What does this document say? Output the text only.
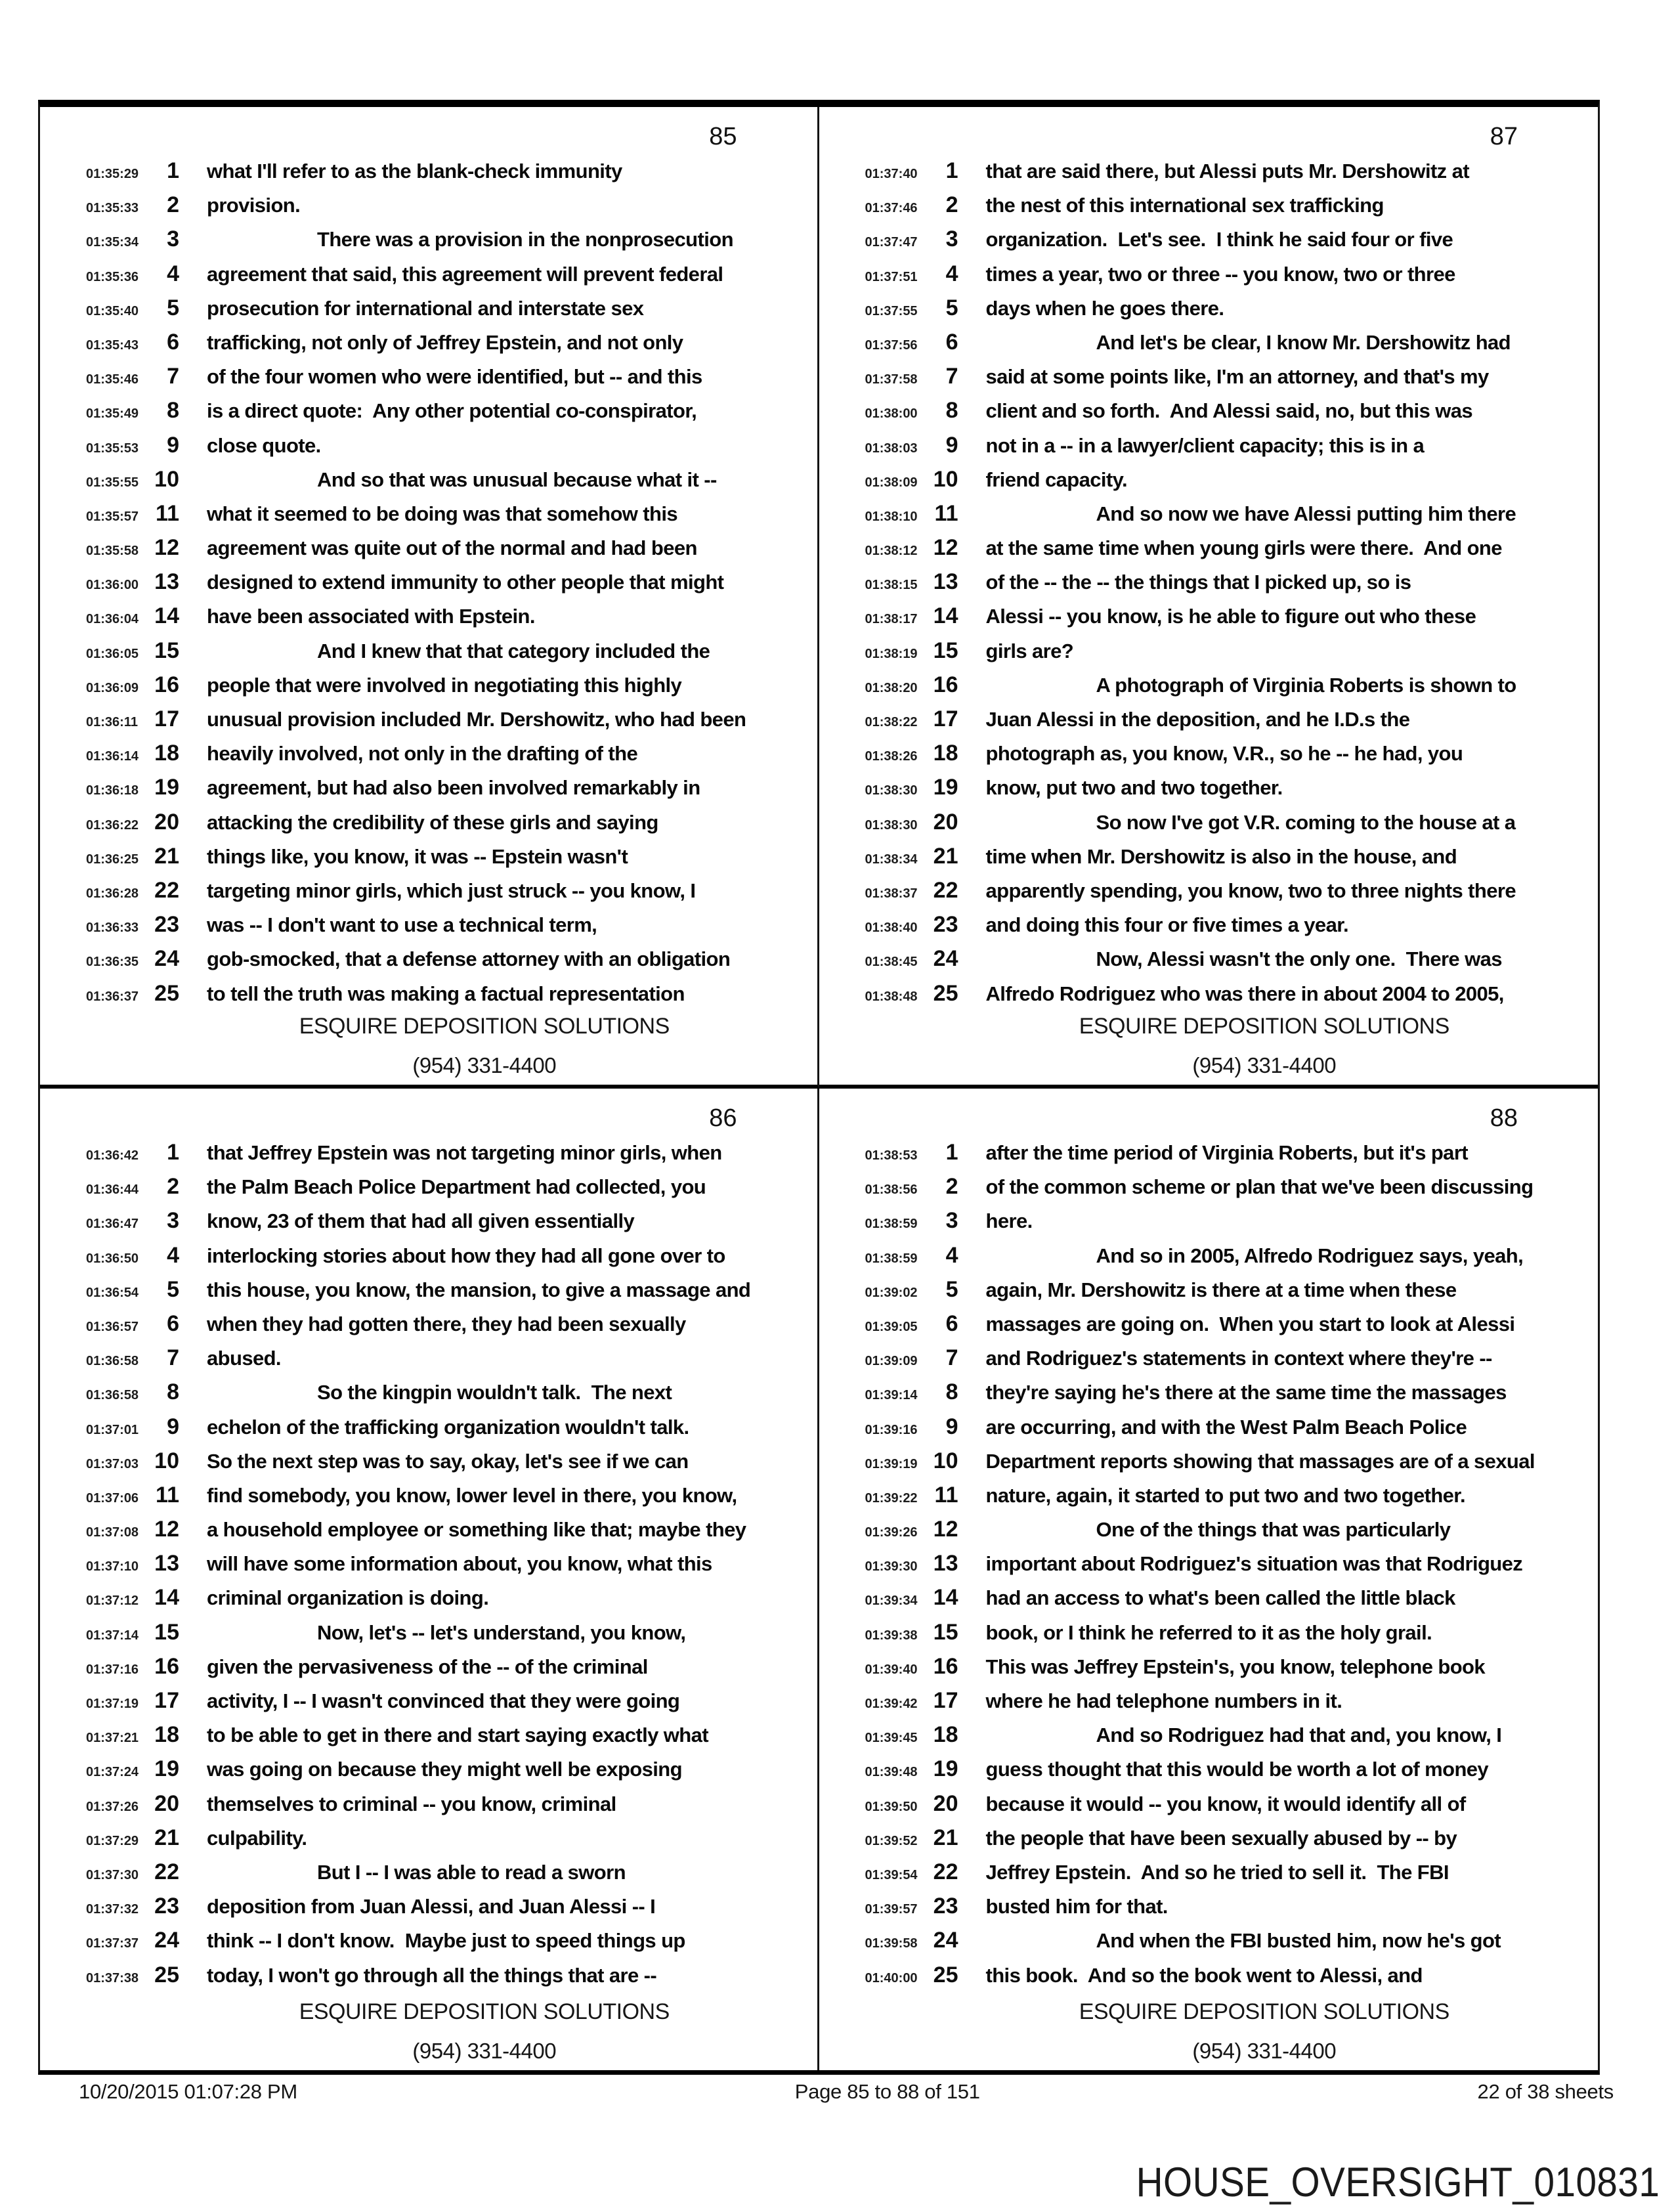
85
01:35:29	1 what I'll refer to as the blank-check immunity
01:35:33	2 provision.
01:35:34	3	There was a provision in the nonprosecution
01:35:36	4 agreement that said, this agreement will prevent federal
01:35:40	5 prosecution for international and interstate sex
01:35:43	6 trafficking, not only of Jeffrey Epstein, and not only
01:35:46	7 of the four women who were identified, but -- and this
01:35:49	8 is a direct quote:  Any other potential co-conspirator,
01:35:53	9 close quote.
01:35:55 10	And so that was unusual because what it --
01:35:57 11 what it seemed to be doing was that somehow this
01:35:58 12 agreement was quite out of the normal and had been
01:36:00 13 designed to extend immunity to other people that might
01:36:04 14 have been associated with Epstein.
01:36:05 15	And I knew that that category included the
01:36:09 16 people that were involved in negotiating this highly
01:36:11 17 unusual provision included Mr. Dershowitz, who had been
01:36:14 18 heavily involved, not only in the drafting of the
01:36:18 19 agreement, but had also been involved remarkably in
01:36:22 20 attacking the credibility of these girls and saying
01:36:25 21 things like, you know, it was -- Epstein wasn't
01:36:28 22 targeting minor girls, which just struck -- you know, I
01:36:33 23 was -- I don't want to use a technical term,
01:36:35 24 gob-smocked, that a defense attorney with an obligation
01:36:37 25 to tell the truth was making a factual representation
ESQUIRE DEPOSITION SOLUTIONS
(954) 331-4400
87
01:37:40	1 that are said there, but Alessi puts Mr. Dershowitz at
01:37:46	2 the nest of this international sex trafficking
01:37:47	3 organization.  Let's see.  I think he said four or five
01:37:51	4 times a year, two or three -- you know, two or three
01:37:55	5 days when he goes there.
01:37:56	6	And let's be clear, I know Mr. Dershowitz had
01:37:58	7 said at some points like, I'm an attorney, and that's my
01:38:00	8 client and so forth.  And Alessi said, no, but this was
01:38:03	9 not in a -- in a lawyer/client capacity; this is in a
01:38:09 10 friend capacity.
01:38:10 11	And so now we have Alessi putting him there
01:38:12 12 at the same time when young girls were there.  And one
01:38:15 13 of the -- the -- the things that I picked up, so is
01:38:17 14 Alessi -- you know, is he able to figure out who these
01:38:19 15 girls are?
01:38:20 16	A photograph of Virginia Roberts is shown to
01:38:22 17 Juan Alessi in the deposition, and he I.D.s the
01:38:26 18 photograph as, you know, V.R., so he -- he had, you
01:38:30 19 know, put two and two together.
01:38:30 20	So now I've got V.R. coming to the house at a
01:38:34 21 time when Mr. Dershowitz is also in the house, and
01:38:37 22 apparently spending, you know, two to three nights there
01:38:40 23 and doing this four or five times a year.
01:38:45 24	Now, Alessi wasn't the only one.  There was
01:38:48 25 Alfredo Rodriguez who was there in about 2004 to 2005,
ESQUIRE DEPOSITION SOLUTIONS
(954) 331-4400
86
01:36:42	1 that Jeffrey Epstein was not targeting minor girls, when
01:36:44	2 the Palm Beach Police Department had collected, you
01:36:47	3 know, 23 of them that had all given essentially
01:36:50	4 interlocking stories about how they had all gone over to
01:36:54	5 this house, you know, the mansion, to give a massage and
01:36:57	6 when they had gotten there, they had been sexually
01:36:58	7 abused.
01:36:58	8	So the kingpin wouldn't talk.  The next
01:37:01	9 echelon of the trafficking organization wouldn't talk.
01:37:03 10 So the next step was to say, okay, let's see if we can
01:37:06 11 find somebody, you know, lower level in there, you know,
01:37:08 12 a household employee or something like that; maybe they
01:37:10 13 will have some information about, you know, what this
01:37:12 14 criminal organization is doing.
01:37:14 15	Now, let's -- let's understand, you know,
01:37:16 16 given the pervasiveness of the -- of the criminal
01:37:19 17 activity, I -- I wasn't convinced that they were going
01:37:21 18 to be able to get in there and start saying exactly what
01:37:24 19 was going on because they might well be exposing
01:37:26 20 themselves to criminal -- you know, criminal
01:37:29 21 culpability.
01:37:30 22	But I -- I was able to read a sworn
01:37:32 23 deposition from Juan Alessi, and Juan Alessi -- I
01:37:37 24 think -- I don't know.  Maybe just to speed things up
01:37:38 25 today, I won't go through all the things that are --
ESQUIRE DEPOSITION SOLUTIONS
(954) 331-4400
88
01:38:53	1 after the time period of Virginia Roberts, but it's part
01:38:56	2 of the common scheme or plan that we've been discussing
01:38:59	3 here.
01:38:59	4	And so in 2005, Alfredo Rodriguez says, yeah,
01:39:02	5 again, Mr. Dershowitz is there at a time when these
01:39:05	6 massages are going on.  When you start to look at Alessi
01:39:09	7 and Rodriguez's statements in context where they're --
01:39:14	8 they're saying he's there at the same time the massages
01:39:16	9 are occurring, and with the West Palm Beach Police
01:39:19 10 Department reports showing that massages are of a sexual
01:39:22 11 nature, again, it started to put two and two together.
01:39:26 12	One of the things that was particularly
01:39:30 13 important about Rodriguez's situation was that Rodriguez
01:39:34 14 had an access to what's been called the little black
01:39:38 15 book, or I think he referred to it as the holy grail.
01:39:40 16 This was Jeffrey Epstein's, you know, telephone book
01:39:42 17 where he had telephone numbers in it.
01:39:45 18	And so Rodriguez had that and, you know, I
01:39:48 19 guess thought that this would be worth a lot of money
01:39:50 20 because it would -- you know, it would identify all of
01:39:52 21 the people that have been sexually abused by -- by
01:39:54 22 Jeffrey Epstein.  And so he tried to sell it.  The FBI
01:39:57 23 busted him for that.
01:39:58 24	And when the FBI busted him, now he's got
01:40:00 25 this book.  And so the book went to Alessi, and
ESQUIRE DEPOSITION SOLUTIONS
(954) 331-4400
10/20/2015 01:07:28 PM	Page 85 to 88 of 151	22 of 38 sheets
HOUSE_OVERSIGHT_010831
